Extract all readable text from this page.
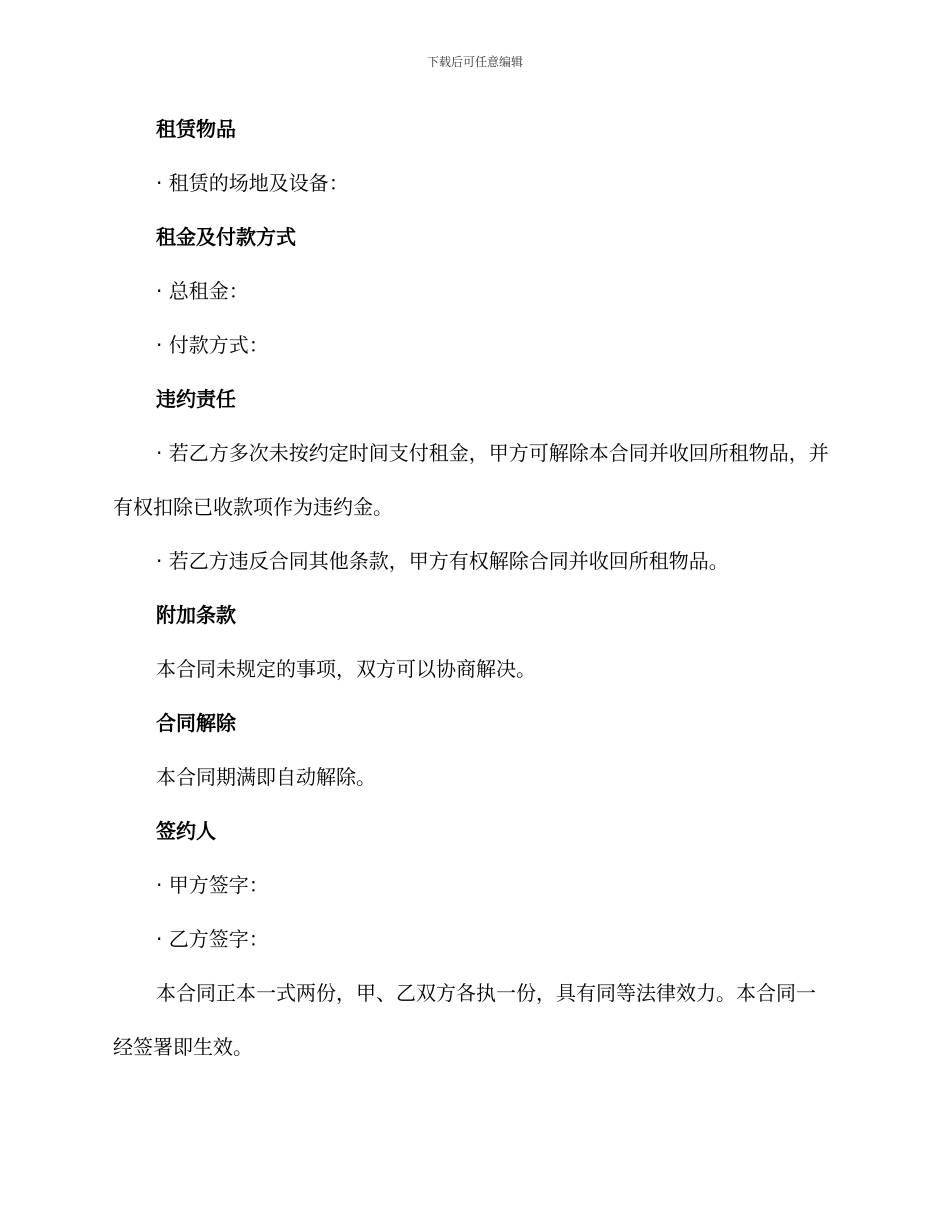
下载后可任意编辑

租赁物品

· 租赁的场地及设备：

租金及付款方式

· 总租金：

· 付款方式：

违约责任

· 若乙方多次未按约定时间支付租金，甲方可解除本合同并收回所租物品，并有权扣除已收款项作为违约金。

· 若乙方违反合同其他条款，甲方有权解除合同并收回所租物品。

附加条款

本合同未规定的事项，双方可以协商解决。

合同解除

本合同期满即自动解除。

签约人

· 甲方签字：

· 乙方签字：

本合同正本一式两份，甲、乙双方各执一份，具有同等法律效力。本合同一经签署即生效。
